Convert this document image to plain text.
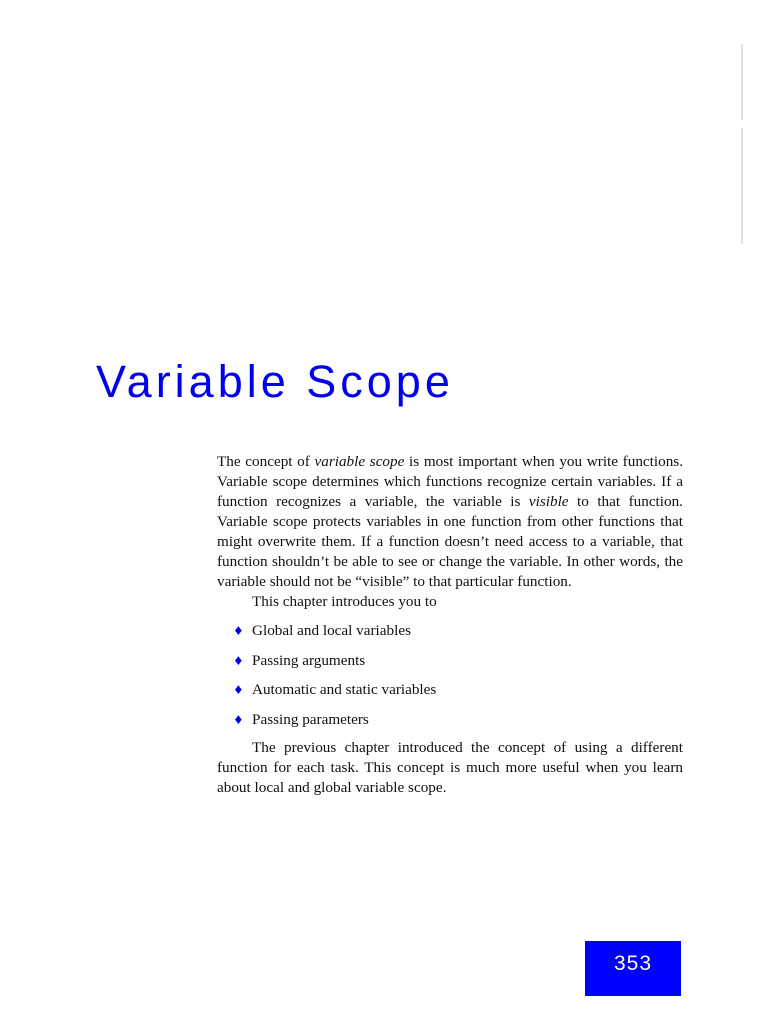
Variable Scope

The concept of variable scope is most important when you write functions. Variable scope determines which functions recognize certain variables. If a function recognizes a variable, the variable is visible to that function. Variable scope protects variables in one function from other functions that might overwrite them. If a function doesn’t need access to a variable, that function shouldn’t be able to see or change the variable. In other words, the variable should not be “visible” to that particular function.

This chapter introduces you to

♦ Global and local variables
♦ Passing arguments
♦ Automatic and static variables
♦ Passing parameters

The previous chapter introduced the concept of using a different function for each task. This concept is much more useful when you learn about local and global variable scope.

353
